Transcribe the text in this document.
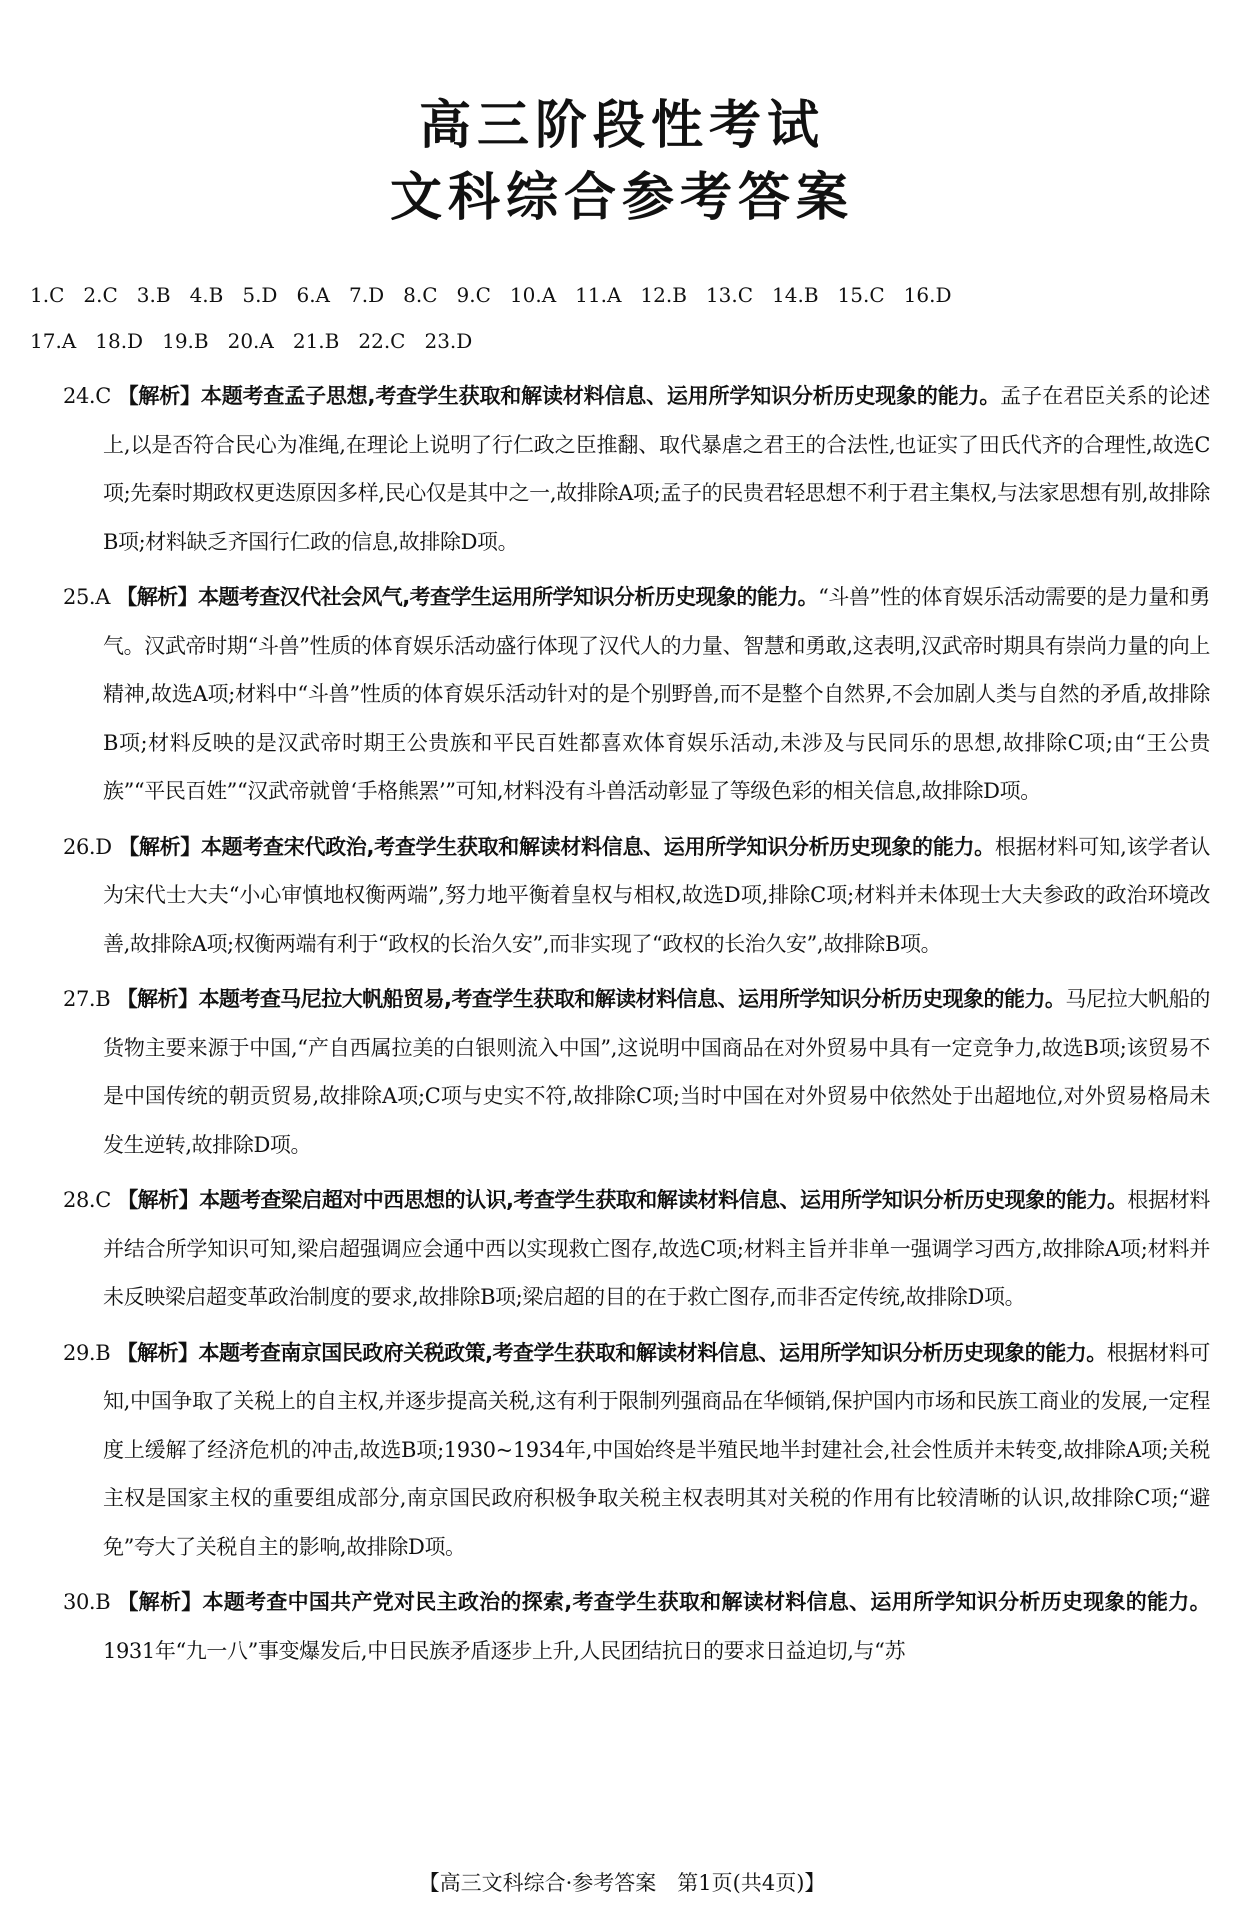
高三阶段性考试
文科综合参考答案
1.C 2.C 3.B 4.B 5.D 6.A 7.D 8.C 9.C 10.A 11.A 12.B 13.C 14.B 15.C 16.D
17.A 18.D 19.B 20.A 21.B 22.C 23.D
24.C 【解析】本题考查孟子思想,考查学生获取和解读材料信息、运用所学知识分析历史现象的能力。孟子在君臣关系的论述上,以是否符合民心为准绳,在理论上说明了行仁政之臣推翻、取代暴虐之君王的合法性,也证实了田氏代齐的合理性,故选C项;先秦时期政权更迭原因多样,民心仅是其中之一,故排除A项;孟子的民贵君轻思想不利于君主集权,与法家思想有别,故排除B项;材料缺乏齐国行仁政的信息,故排除D项。
25.A 【解析】本题考查汉代社会风气,考查学生运用所学知识分析历史现象的能力。“斗兽”性的体育娱乐活动需要的是力量和勇气。汉武帝时期“斗兽”性质的体育娱乐活动盛行体现了汉代人的力量、智慧和勇敢,这表明,汉武帝时期具有崇尚力量的向上精神,故选A项;材料中“斗兽”性质的体育娱乐活动针对的是个别野兽,而不是整个自然界,不会加剧人类与自然的矛盾,故排除B项;材料反映的是汉武帝时期王公贵族和平民百姓都喜欢体育娱乐活动,未涉及与民同乐的思想,故排除C项;由“王公贵族”“平民百姓”“汉武帝就曾‘手格熊罴’”可知,材料没有斗兽活动彰显了等级色彩的相关信息,故排除D项。
26.D 【解析】本题考查宋代政治,考查学生获取和解读材料信息、运用所学知识分析历史现象的能力。根据材料可知,该学者认为宋代士大夫“小心审慎地权衡两端”,努力地平衡着皇权与相权,故选D项,排除C项;材料并未体现士大夫参政的政治环境改善,故排除A项;权衡两端有利于“政权的长治久安”,而非实现了“政权的长治久安”,故排除B项。
27.B 【解析】本题考查马尼拉大帆船贸易,考查学生获取和解读材料信息、运用所学知识分析历史现象的能力。马尼拉大帆船的货物主要来源于中国,“产自西属拉美的白银则流入中国”,这说明中国商品在对外贸易中具有一定竞争力,故选B项;该贸易不是中国传统的朝贡贸易,故排除A项;C项与史实不符,故排除C项;当时中国在对外贸易中依然处于出超地位,对外贸易格局未发生逆转,故排除D项。
28.C 【解析】本题考查梁启超对中西思想的认识,考查学生获取和解读材料信息、运用所学知识分析历史现象的能力。根据材料并结合所学知识可知,梁启超强调应会通中西以实现救亡图存,故选C项;材料主旨并非单一强调学习西方,故排除A项;材料并未反映梁启超变革政治制度的要求,故排除B项;梁启超的目的在于救亡图存,而非否定传统,故排除D项。
29.B 【解析】本题考查南京国民政府关税政策,考查学生获取和解读材料信息、运用所学知识分析历史现象的能力。根据材料可知,中国争取了关税上的自主权,并逐步提高关税,这有利于限制列强商品在华倾销,保护国内市场和民族工商业的发展,一定程度上缓解了经济危机的冲击,故选B项;1930~1934年,中国始终是半殖民地半封建社会,社会性质并未转变,故排除A项;关税主权是国家主权的重要组成部分,南京国民政府积极争取关税主权表明其对关税的作用有比较清晰的认识,故排除C项;“避免”夸大了关税自主的影响,故排除D项。
30.B 【解析】本题考查中国共产党对民主政治的探索,考查学生获取和解读材料信息、运用所学知识分析历史现象的能力。1931年“九一八”事变爆发后,中日民族矛盾逐步上升,人民团结抗日的要求日益迫切,与“苏
【高三文科综合·参考答案　第1页(共4页)】
